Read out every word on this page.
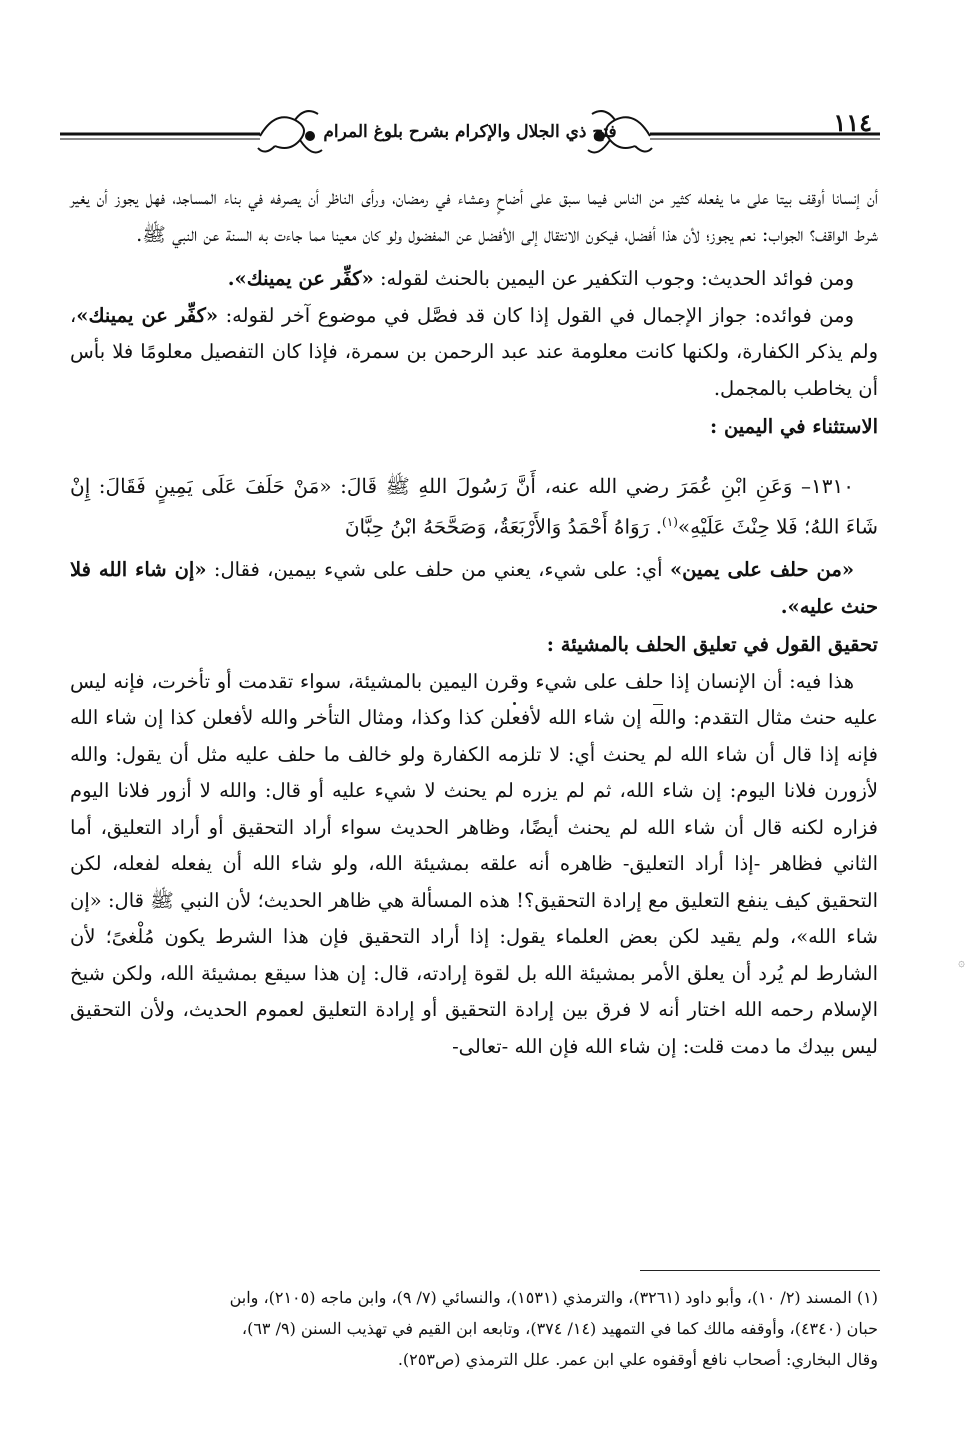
١١٤
فتح ذي الجلال والإكرام بشرح بلوغ المرام

أن إنسانا أوقف بيتا على ما يفعله كثير من الناس فيما سبق على أضاحٍ وعشاء في رمضان، ورأى الناظر أن يصرفه في بناء المساجد، فهل يجوز أن يغير شرط الواقف؟ الجواب: نعم يجوز؛ لأن هذا أفضل، فيكون الانتقال إلى الأفضل عن المفضول ولو كان معينا مما جاءت به السنة عن النبي ﷺ.

ومن فوائد الحديث: وجوب التكفير عن اليمين بالحنث لقوله: «كفِّر عن يمينك».

ومن فوائده: جواز الإجمال في القول إذا كان قد فصَّل في موضوع آخر لقوله: «كفِّر عن يمينك»، ولم يذكر الكفارة، ولكنها كانت معلومة عند عبد الرحمن بن سمرة، فإذا كان التفصيل معلومًا فلا بأس أن يخاطب بالمجمل.

الاستثناء في اليمين :

١٣١٠– وَعَنِ ابْنِ عُمَرَ رضي الله عنه، أَنَّ رَسُولَ اللهِ ﷺ قَالَ: «مَنْ حَلَفَ عَلَى يَمِينٍ فَقَالَ: إِنْ شَاءَ اللهُ؛ فَلا حِنْثَ عَلَيْهِ»$^{(١)}$. رَوَاهُ أَحْمَدُ وَالأَرْبَعَةُ، وَصَحَّحَهُ ابْنُ حِبَّانَ

«من حلف على يمين» أي: على شيء، يعني من حلف على شيء بيمين، فقال: «إن شاء الله فلا حنث عليه».

تحقيق القول في تعليق الحلف بالمشيئة :

هذا فيه: أن الإنسان إذا حلف على شيء وقرن اليمين بالمشيئة، سواء تقدمت أو تأخرت، فإنه ليس عليه حنث مثال التقدم: والله إن شاء الله لأفعلن كذا وكذا، ومثال التأخر والله لأفعلن كذا إن شاء الله فإنه إذا قال أن شاء الله لم يحنث أي: لا تلزمه الكفارة ولو خالف ما حلف عليه مثل أن يقول: والله لأزورن فلانا اليوم: إن شاء الله، ثم لم يزره لم يحنث لا شيء عليه أو قال: والله لا أزور فلانا اليوم فزاره لكنه قال أن شاء الله لم يحنث أيضًا، وظاهر الحديث سواء أراد التحقيق أو أراد التعليق، أما الثاني فظاهر -إذا أراد التعليق- ظاهره أنه علقه بمشيئة الله، ولو شاء الله أن يفعله لفعله، لكن التحقيق كيف ينفع التعليق مع إرادة التحقيق؟! هذه المسألة هي ظاهر الحديث؛ لأن النبي ﷺ قال: «إن شاء الله»، ولم يقيد لكن بعض العلماء يقول: إذا أراد التحقيق فإن هذا الشرط يكون مُلْغىً؛ لأن الشارط لم يُرد أن يعلق الأمر بمشيئة الله بل لقوة إرادته، قال: إن هذا سيقع بمشيئة الله، ولكن شيخ الإسلام رحمه الله اختار أنه لا فرق بين إرادة التحقيق أو إرادة التعليق لعموم الحديث، ولأن التحقيق ليس بيدك ما دمت قلت: إن شاء الله فإن الله -تعالى-

۞

(١) المسند (٢/ ١٠)، وأبو داود (٣٢٦١)، والترمذي (١٥٣١)، والنسائي (٧/ ٩)، وابن ماجه (٢١٠٥)، وابن

حبان (٤٣٤٠)، وأوقفه مالك كما في التمهيد (١٤/ ٣٧٤)، وتابعه ابن القيم في تهذيب السنن (٩/ ٦٣)،

وقال البخاري: أصحاب نافع أوقفوه علي ابن عمر. علل الترمذي (ص٢٥٣).
